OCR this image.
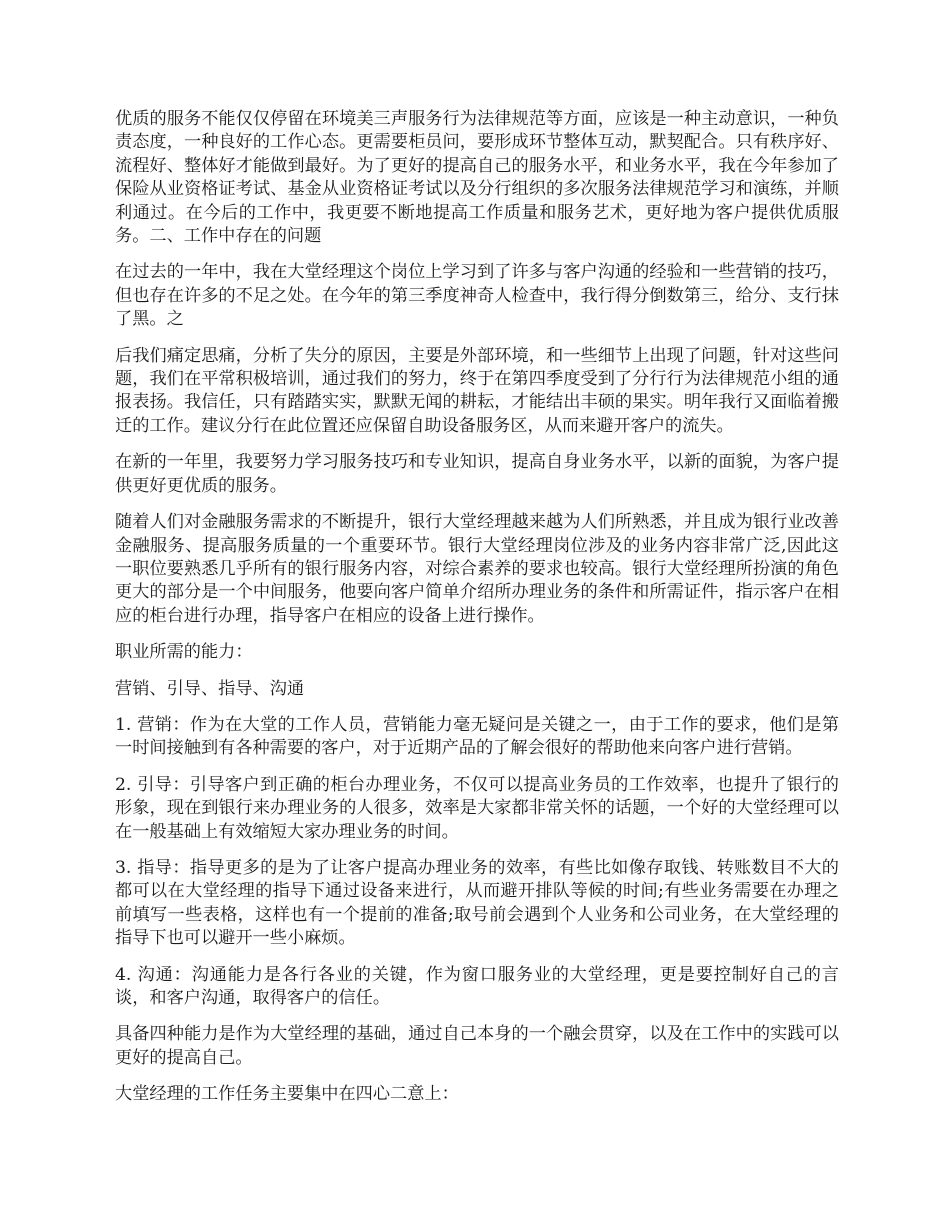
优质的服务不能仅仅停留在环境美三声服务行为法律规范等方面，应该是一种主动意识，一种负责态度，一种良好的工作心态。更需要柜员问，要形成环节整体互动，默契配合。只有秩序好、流程好、整体好才能做到最好。为了更好的提高自己的服务水平，和业务水平，我在今年参加了保险从业资格证考试、基金从业资格证考试以及分行组织的多次服务法律规范学习和演练，并顺利通过。在今后的工作中，我更要不断地提高工作质量和服务艺术，更好地为客户提供优质服务。二、工作中存在的问题

在过去的一年中，我在大堂经理这个岗位上学习到了许多与客户沟通的经验和一些营销的技巧，但也存在许多的不足之处。在今年的第三季度神奇人检查中，我行得分倒数第三，给分、支行抹了黑。之

后我们痛定思痛，分析了失分的原因，主要是外部环境，和一些细节上出现了问题，针对这些问题，我们在平常积极培训，通过我们的努力，终于在第四季度受到了分行行为法律规范小组的通报表扬。我信任，只有踏踏实实，默默无闻的耕耘，才能结出丰硕的果实。明年我行又面临着搬迁的工作。建议分行在此位置还应保留自助设备服务区，从而来避开客户的流失。

在新的一年里，我要努力学习服务技巧和专业知识，提高自身业务水平，以新的面貌，为客户提供更好更优质的服务。

随着人们对金融服务需求的不断提升，银行大堂经理越来越为人们所熟悉，并且成为银行业改善金融服务、提高服务质量的一个重要环节。银行大堂经理岗位涉及的业务内容非常广泛,因此这一职位要熟悉几乎所有的银行服务内容，对综合素养的要求也较高。银行大堂经理所扮演的角色更大的部分是一个中间服务，他要向客户简单介绍所办理业务的条件和所需证件，指示客户在相应的柜台进行办理，指导客户在相应的设备上进行操作。

职业所需的能力：

营销、引导、指导、沟通

1. 营销：作为在大堂的工作人员，营销能力毫无疑问是关键之一，由于工作的要求，他们是第一时间接触到有各种需要的客户，对于近期产品的了解会很好的帮助他来向客户进行营销。

2. 引导：引导客户到正确的柜台办理业务，不仅可以提高业务员的工作效率，也提升了银行的形象，现在到银行来办理业务的人很多，效率是大家都非常关怀的话题，一个好的大堂经理可以在一般基础上有效缩短大家办理业务的时间。

3. 指导：指导更多的是为了让客户提高办理业务的效率，有些比如像存取钱、转账数目不大的都可以在大堂经理的指导下通过设备来进行，从而避开排队等候的时间;有些业务需要在办理之前填写一些表格，这样也有一个提前的准备;取号前会遇到个人业务和公司业务，在大堂经理的指导下也可以避开一些小麻烦。

4. 沟通：沟通能力是各行各业的关键，作为窗口服务业的大堂经理，更是要控制好自己的言谈，和客户沟通，取得客户的信任。

具备四种能力是作为大堂经理的基础，通过自己本身的一个融会贯穿，以及在工作中的实践可以更好的提高自己。

大堂经理的工作任务主要集中在四心二意上：
